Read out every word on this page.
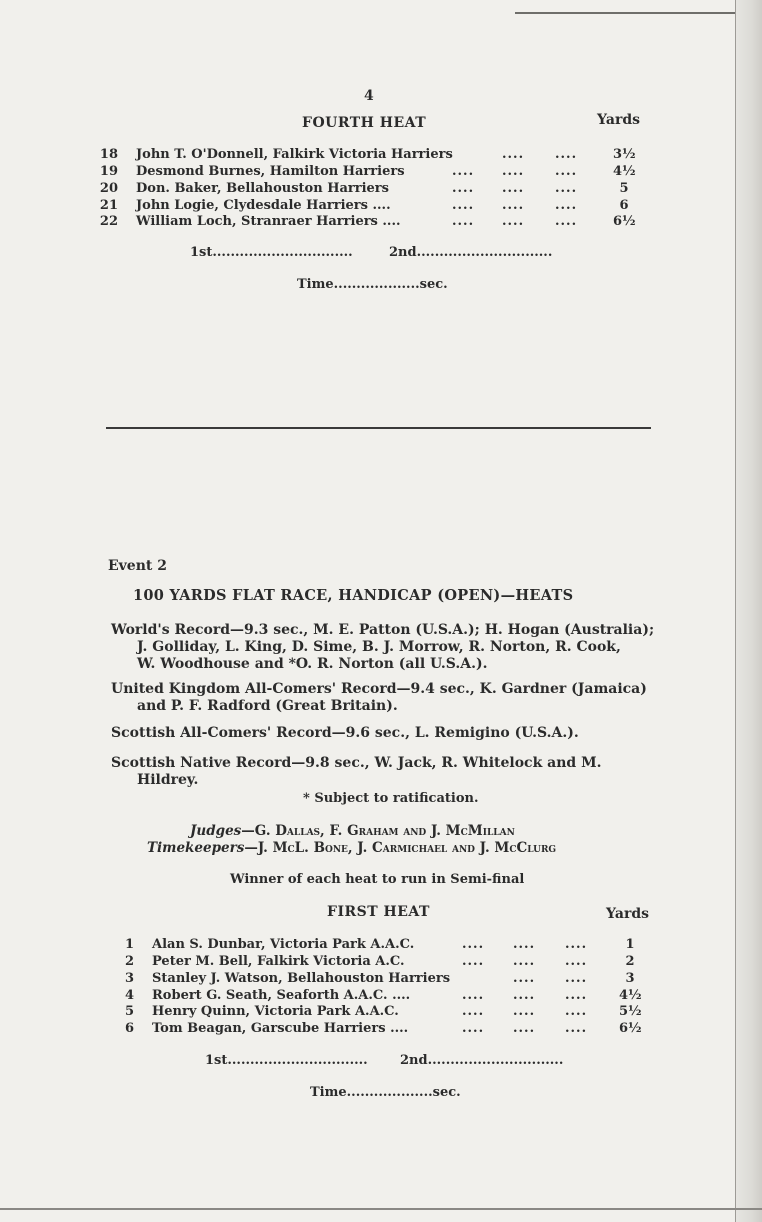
4
FOURTH HEAT	Yards
18 John T. O'Donnell, Falkirk Victoria Harriers	.... ....	3½
19 Desmond Burnes, Hamilton Harriers	.... .... ....	4½
20 Don. Baker, Bellahouston Harriers	.... .... ....	5
21 John Logie, Clydesdale Harriers ....	.... .... ....	6
22 William Loch, Stranraer Harriers ....	.... .... ....	6½
1st...............................	2nd..............................
Time...................sec.
Event 2
100 YARDS FLAT RACE, HANDICAP (OPEN)—HEATS
World's Record—9.3 sec., M. E. Patton (U.S.A.); H. Hogan (Australia);
J. Golliday, L. King, D. Sime, B. J. Morrow, R. Norton, R. Cook,
W. Woodhouse and *O. R. Norton (all U.S.A.).
United Kingdom All-Comers' Record—9.4 sec., K. Gardner (Jamaica)
and P. F. Radford (Great Britain).
Scottish All-Comers' Record—9.6 sec., L. Remigino (U.S.A.).
Scottish Native Record—9.8 sec., W. Jack, R. Whitelock and M.
Hildrey.
* Subject to ratification.
Judges—G. Dallas, F. Graham and J. McMillan
Timekeepers—J. McL. Bone, J. Carmichael and J. McClurg
Winner of each heat to run in Semi-final
FIRST HEAT	Yards
1 Alan S. Dunbar, Victoria Park A.A.C.	.... .... ....	1
2 Peter M. Bell, Falkirk Victoria A.C.	.... .... ....	2
3 Stanley J. Watson, Bellahouston Harriers	.... ....	3
4 Robert G. Seath, Seaforth A.A.C. ....	.... .... .... 4½
5 Henry Quinn, Victoria Park A.A.C.	.... .... .... 5½
6 Tom Beagan, Garscube Harriers ....	.... .... .... 6½
1st............................... 2nd..............................
Time...................sec.
